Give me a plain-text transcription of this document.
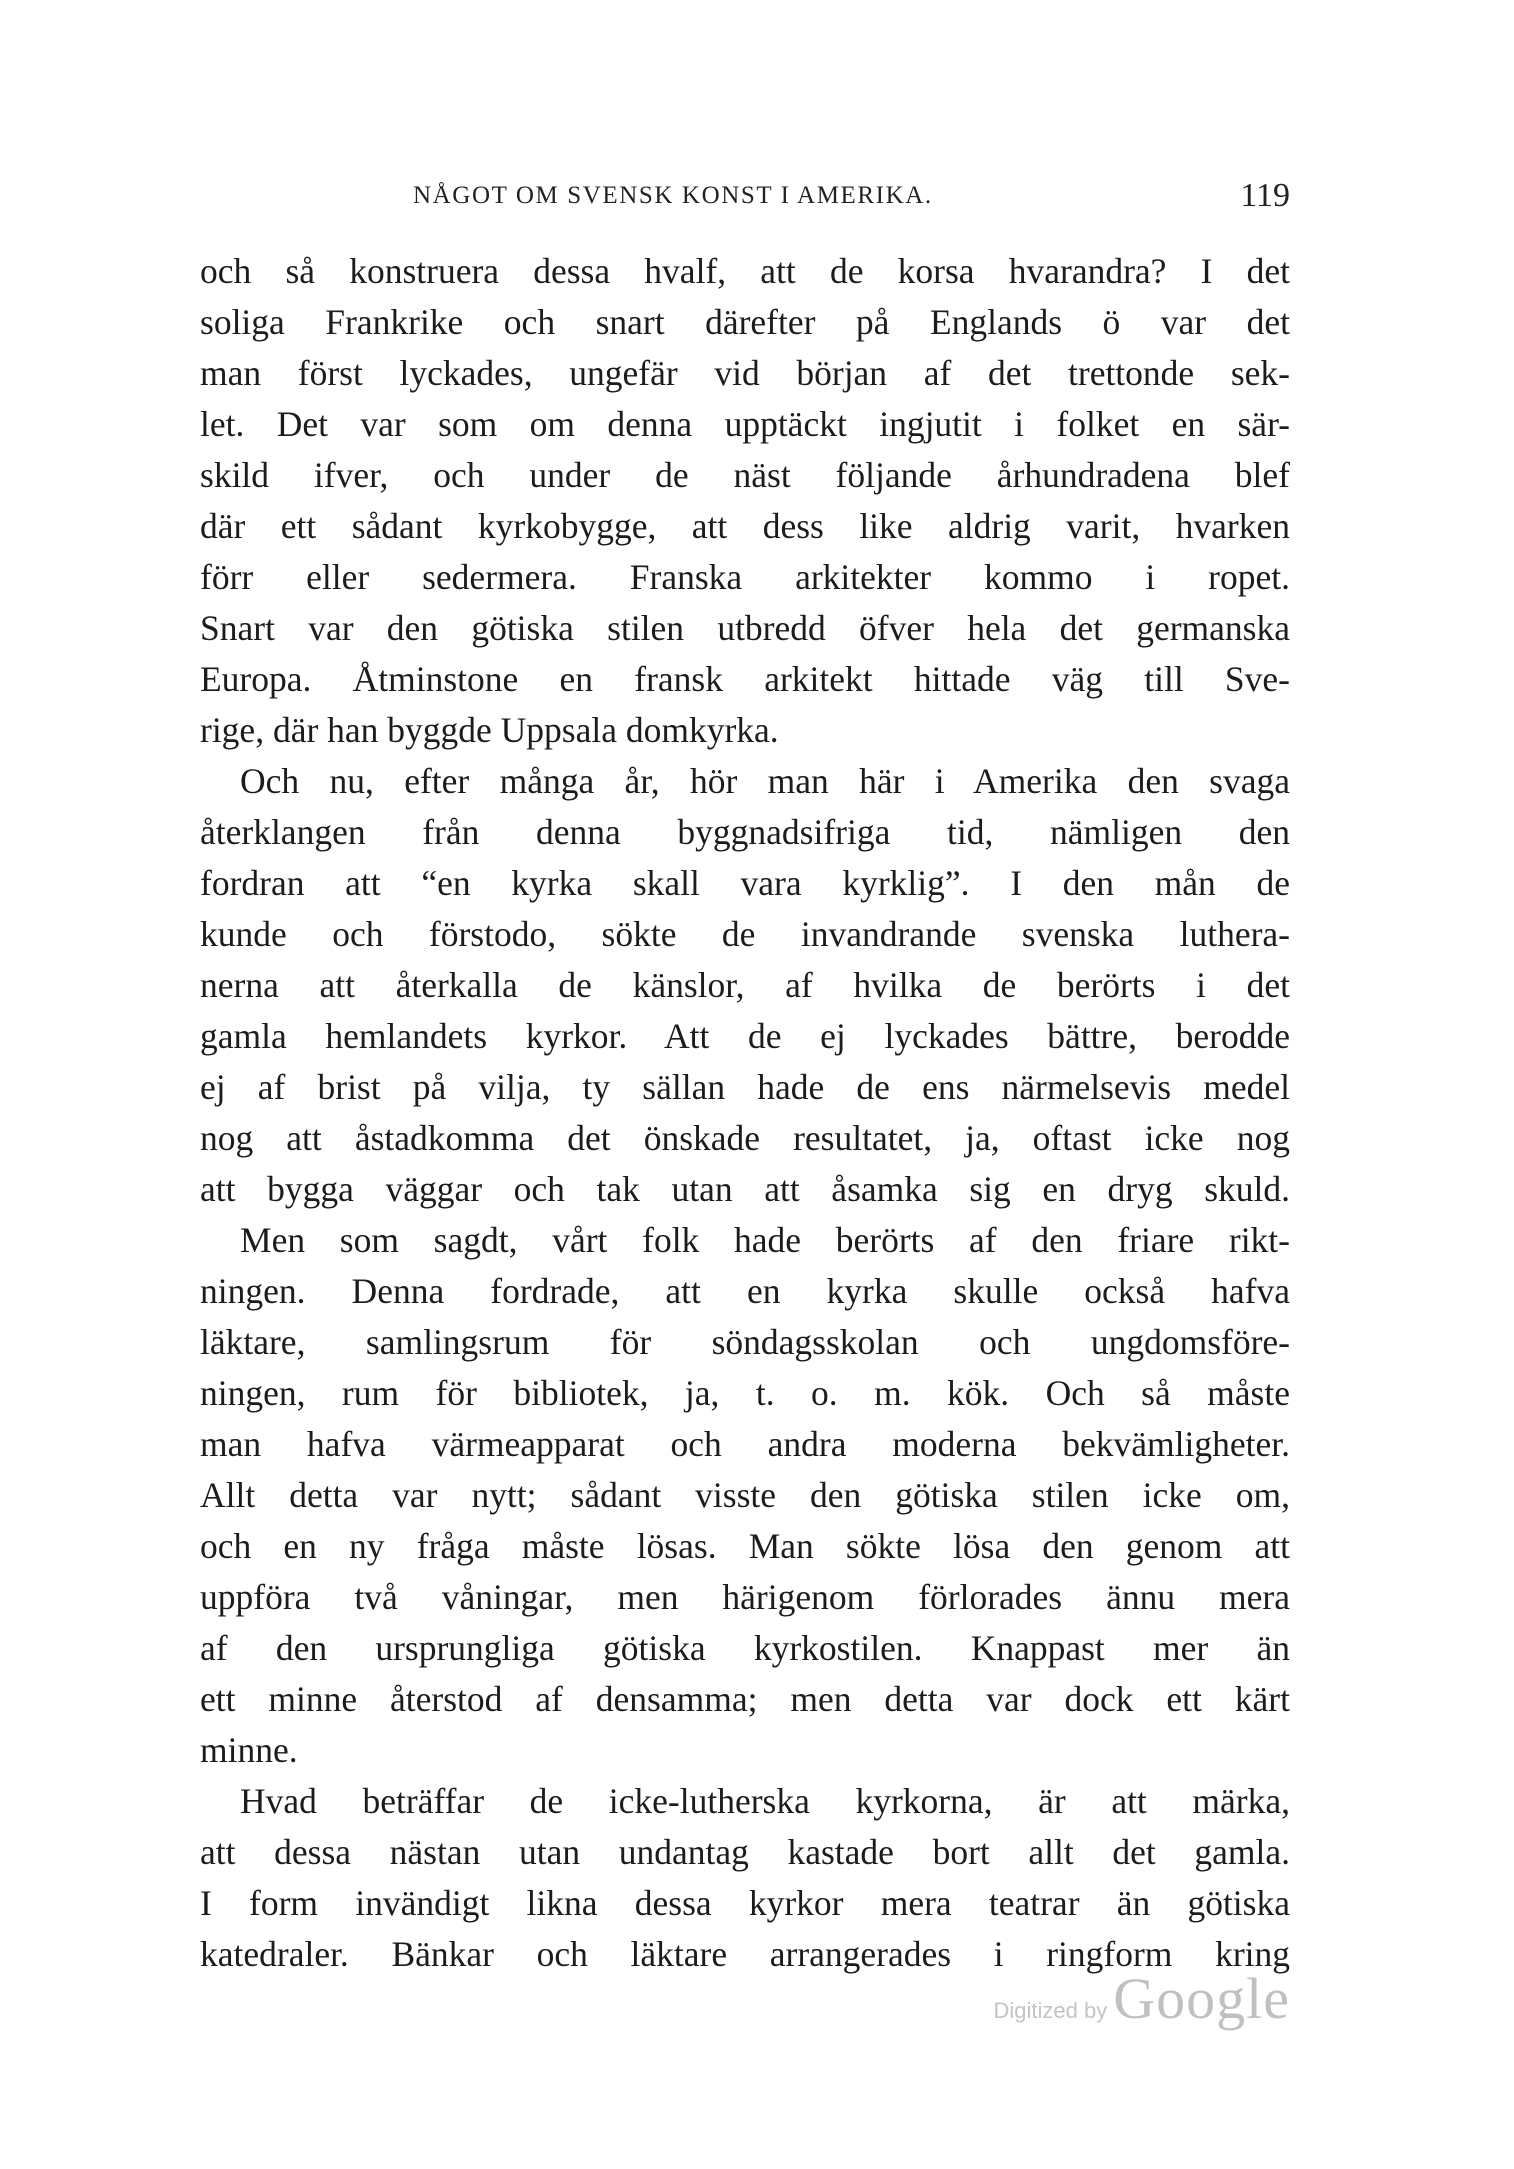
NÅGOT OM SVENSK KONST I AMERIKA.	119
och så konstruera dessa hvalf, att de korsa hvarandra? I det
soliga Frankrike och snart därefter på Englands ö var det
man först lyckades, ungefär vid början af det trettonde sek-
let. Det var som om denna upptäckt ingjutit i folket en sär-
skild ifver, och under de näst följande århundradena blef
där ett sådant kyrkobygge, att dess like aldrig varit, hvarken
förr eller sedermera. Franska arkitekter kommo i ropet.
Snart var den götiska stilen utbredd öfver hela det germanska
Europa. Åtminstone en fransk arkitekt hittade väg till Sve-
rige, där han byggde Uppsala domkyrka.
Och nu, efter många år, hör man här i Amerika den svaga
återklangen från denna byggnadsifriga tid, nämligen den
fordran att “en kyrka skall vara kyrklig”. I den mån de
kunde och förstodo, sökte de invandrande svenska luthera-
nerna att återkalla de känslor, af hvilka de berörts i det
gamla hemlandets kyrkor. Att de ej lyckades bättre, berodde
ej af brist på vilja, ty sällan hade de ens närmelsevis medel
nog att åstadkomma det önskade resultatet, ja, oftast icke nog
att bygga väggar och tak utan att åsamka sig en dryg skuld.
Men som sagdt, vårt folk hade berörts af den friare rikt-
ningen. Denna fordrade, att en kyrka skulle också hafva
läktare, samlingsrum för söndagsskolan och ungdomsföre-
ningen, rum för bibliotek, ja, t. o. m. kök. Och så måste
man hafva värmeapparat och andra moderna bekvämligheter.
Allt detta var nytt; sådant visste den götiska stilen icke om,
och en ny fråga måste lösas. Man sökte lösa den genom att
uppföra två våningar, men härigenom förlorades ännu mera
af den ursprungliga götiska kyrkostilen. Knappast mer än
ett minne återstod af densamma; men detta var dock ett kärt
minne.
Hvad beträffar de icke-lutherska kyrkorna, är att märka,
att dessa nästan utan undantag kastade bort allt det gamla.
I form invändigt likna dessa kyrkor mera teatrar än götiska
katedraler. Bänkar och läktare arrangerades i ringform kring
Digitized by Google
